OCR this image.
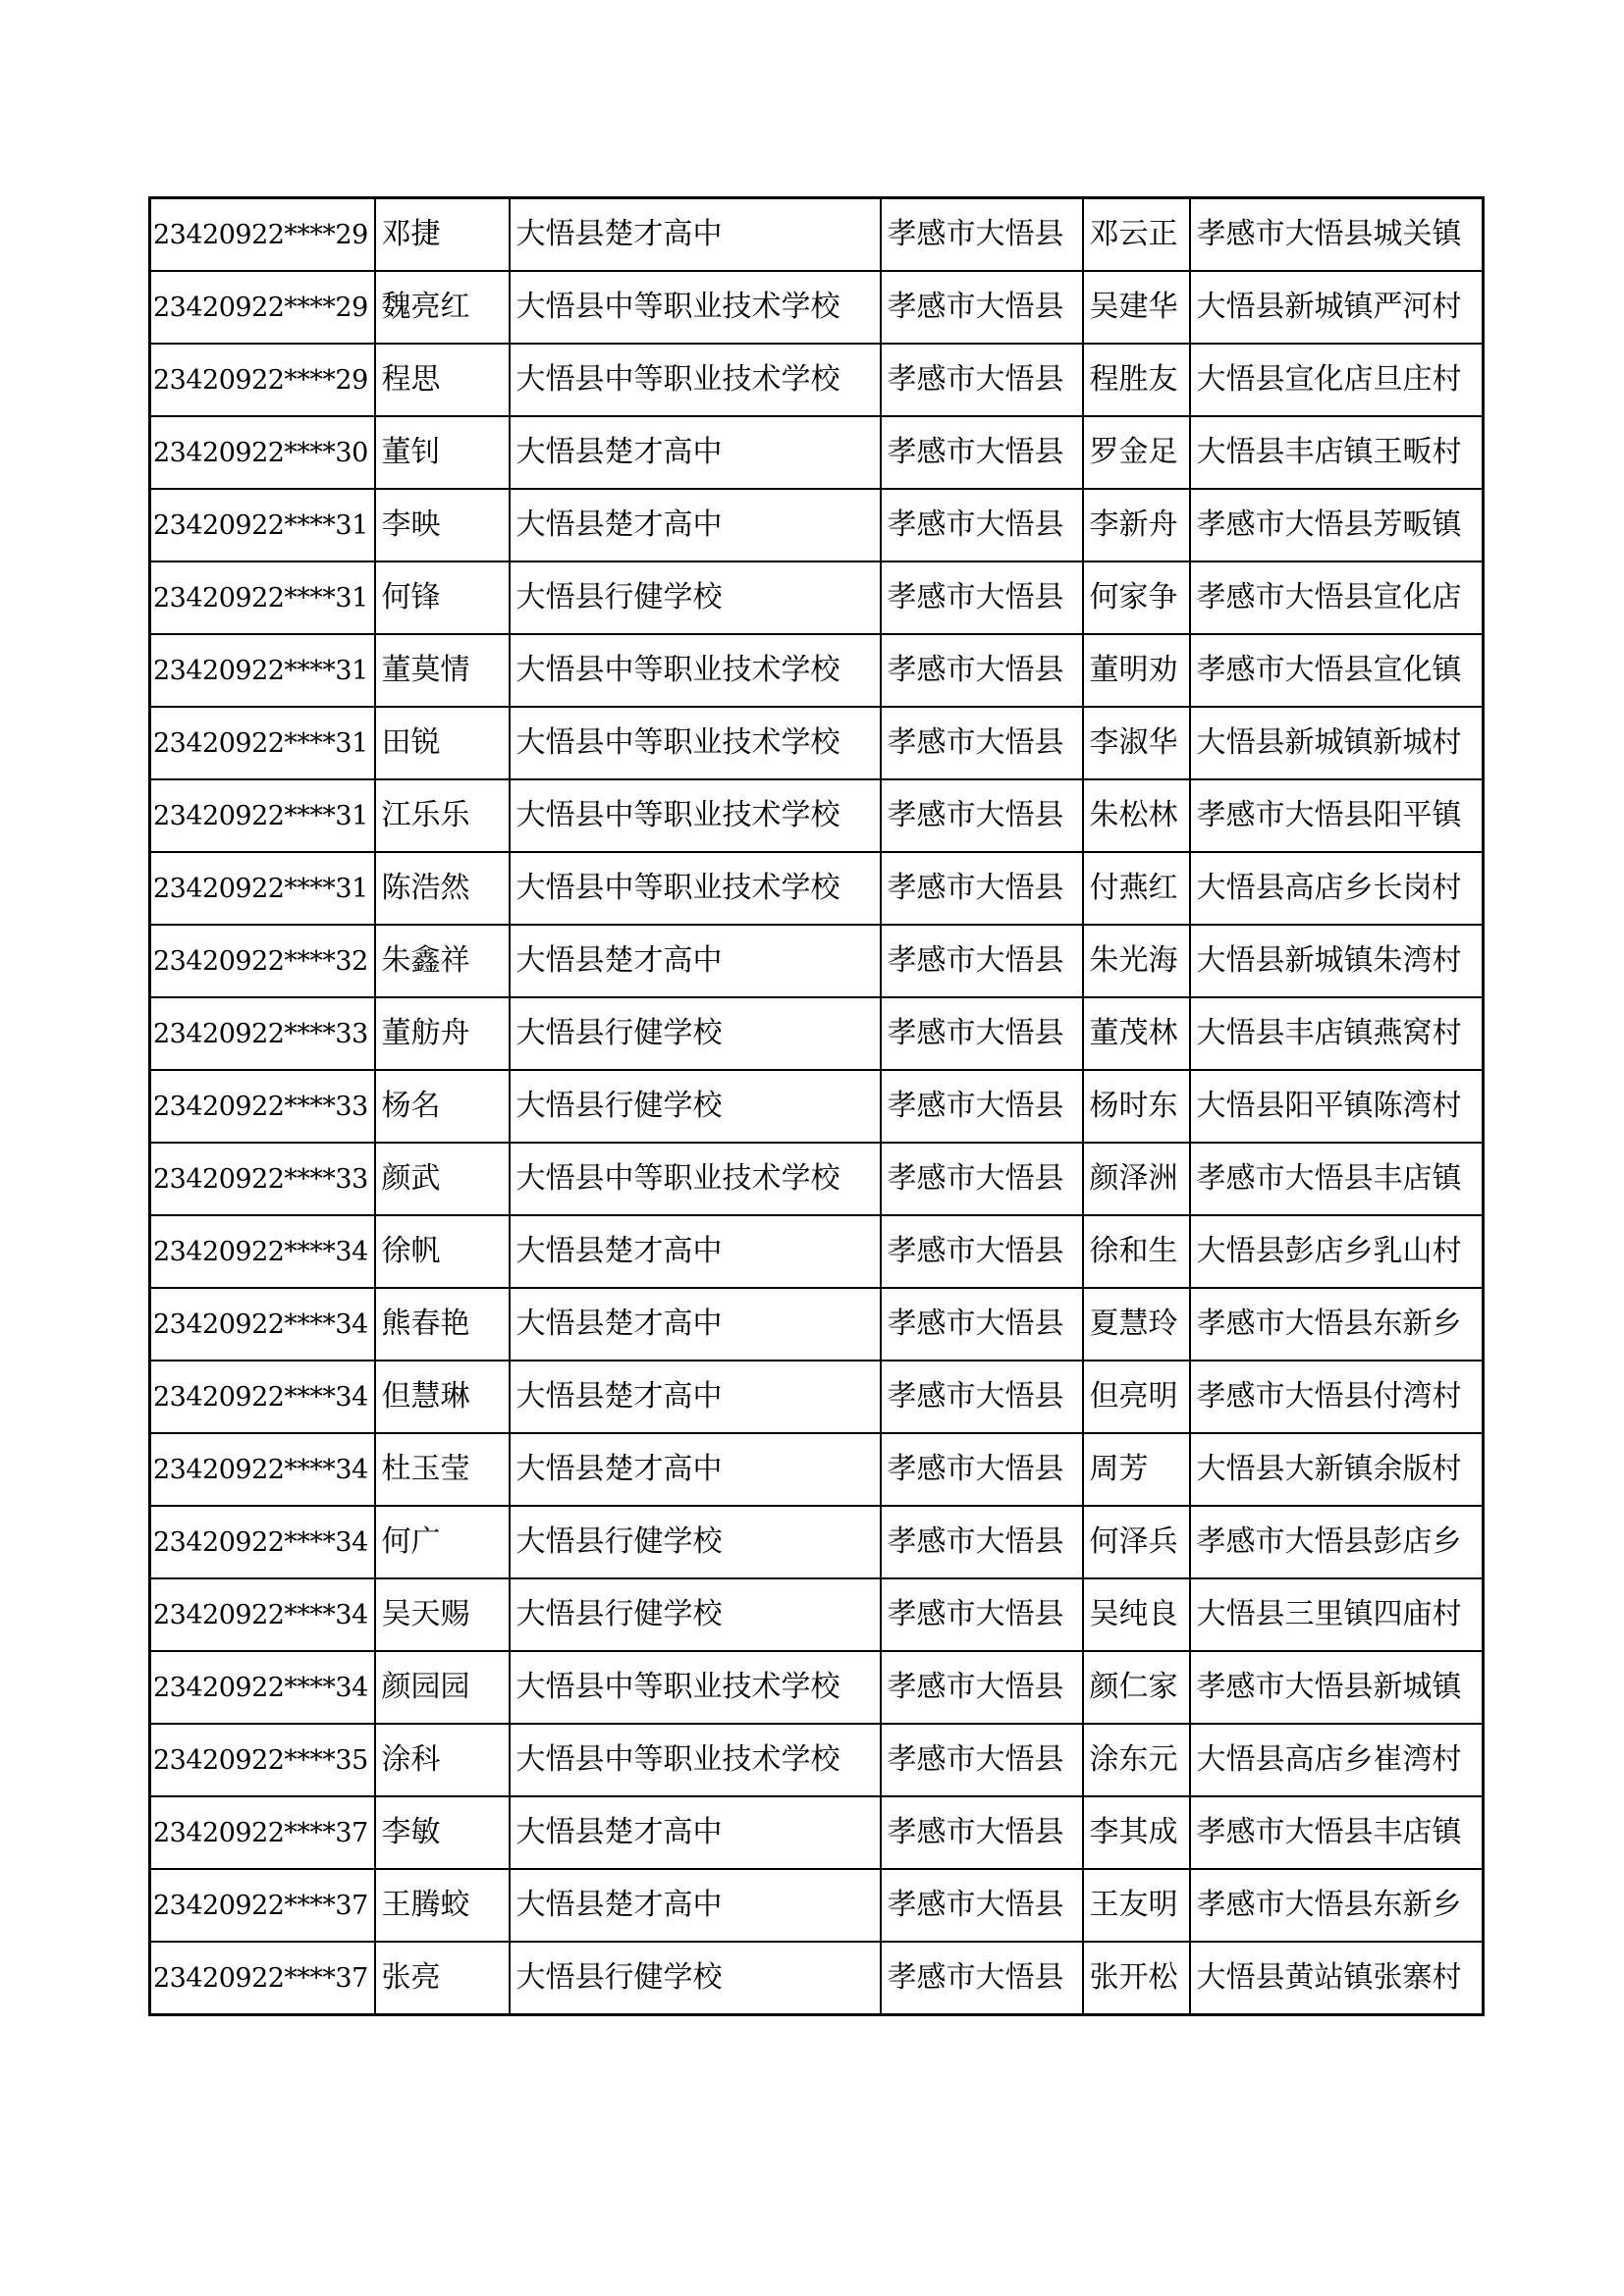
23420922****29	邓捷	大悟县楚才高中	孝感市大悟县	邓云正	孝感市大悟县城关镇
23420922****29	魏亮红	大悟县中等职业技术学校	孝感市大悟县	吴建华	大悟县新城镇严河村
23420922****29	程思	大悟县中等职业技术学校	孝感市大悟县	程胜友	大悟县宣化店旦庄村
23420922****30	董钊	大悟县楚才高中	孝感市大悟县	罗金足	大悟县丰店镇王畈村
23420922****31	李映	大悟县楚才高中	孝感市大悟县	李新舟	孝感市大悟县芳畈镇
23420922****31	何锋	大悟县行健学校	孝感市大悟县	何家争	孝感市大悟县宣化店
23420922****31	董莫情	大悟县中等职业技术学校	孝感市大悟县	董明劝	孝感市大悟县宣化镇
23420922****31	田锐	大悟县中等职业技术学校	孝感市大悟县	李淑华	大悟县新城镇新城村
23420922****31	江乐乐	大悟县中等职业技术学校	孝感市大悟县	朱松林	孝感市大悟县阳平镇
23420922****31	陈浩然	大悟县中等职业技术学校	孝感市大悟县	付燕红	大悟县高店乡长岗村
23420922****32	朱鑫祥	大悟县楚才高中	孝感市大悟县	朱光海	大悟县新城镇朱湾村
23420922****33	董舫舟	大悟县行健学校	孝感市大悟县	董茂林	大悟县丰店镇燕窝村
23420922****33	杨名	大悟县行健学校	孝感市大悟县	杨时东	大悟县阳平镇陈湾村
23420922****33	颜武	大悟县中等职业技术学校	孝感市大悟县	颜泽洲	孝感市大悟县丰店镇
23420922****34	徐帆	大悟县楚才高中	孝感市大悟县	徐和生	大悟县彭店乡乳山村
23420922****34	熊春艳	大悟县楚才高中	孝感市大悟县	夏慧玲	孝感市大悟县东新乡
23420922****34	但慧琳	大悟县楚才高中	孝感市大悟县	但亮明	孝感市大悟县付湾村
23420922****34	杜玉莹	大悟县楚才高中	孝感市大悟县	周芳	大悟县大新镇余版村
23420922****34	何广	大悟县行健学校	孝感市大悟县	何泽兵	孝感市大悟县彭店乡
23420922****34	吴天赐	大悟县行健学校	孝感市大悟县	吴纯良	大悟县三里镇四庙村
23420922****34	颜园园	大悟县中等职业技术学校	孝感市大悟县	颜仁家	孝感市大悟县新城镇
23420922****35	涂科	大悟县中等职业技术学校	孝感市大悟县	涂东元	大悟县高店乡崔湾村
23420922****37	李敏	大悟县楚才高中	孝感市大悟县	李其成	孝感市大悟县丰店镇
23420922****37	王腾蛟	大悟县楚才高中	孝感市大悟县	王友明	孝感市大悟县东新乡
23420922****37	张亮	大悟县行健学校	孝感市大悟县	张开松	大悟县黄站镇张寨村
